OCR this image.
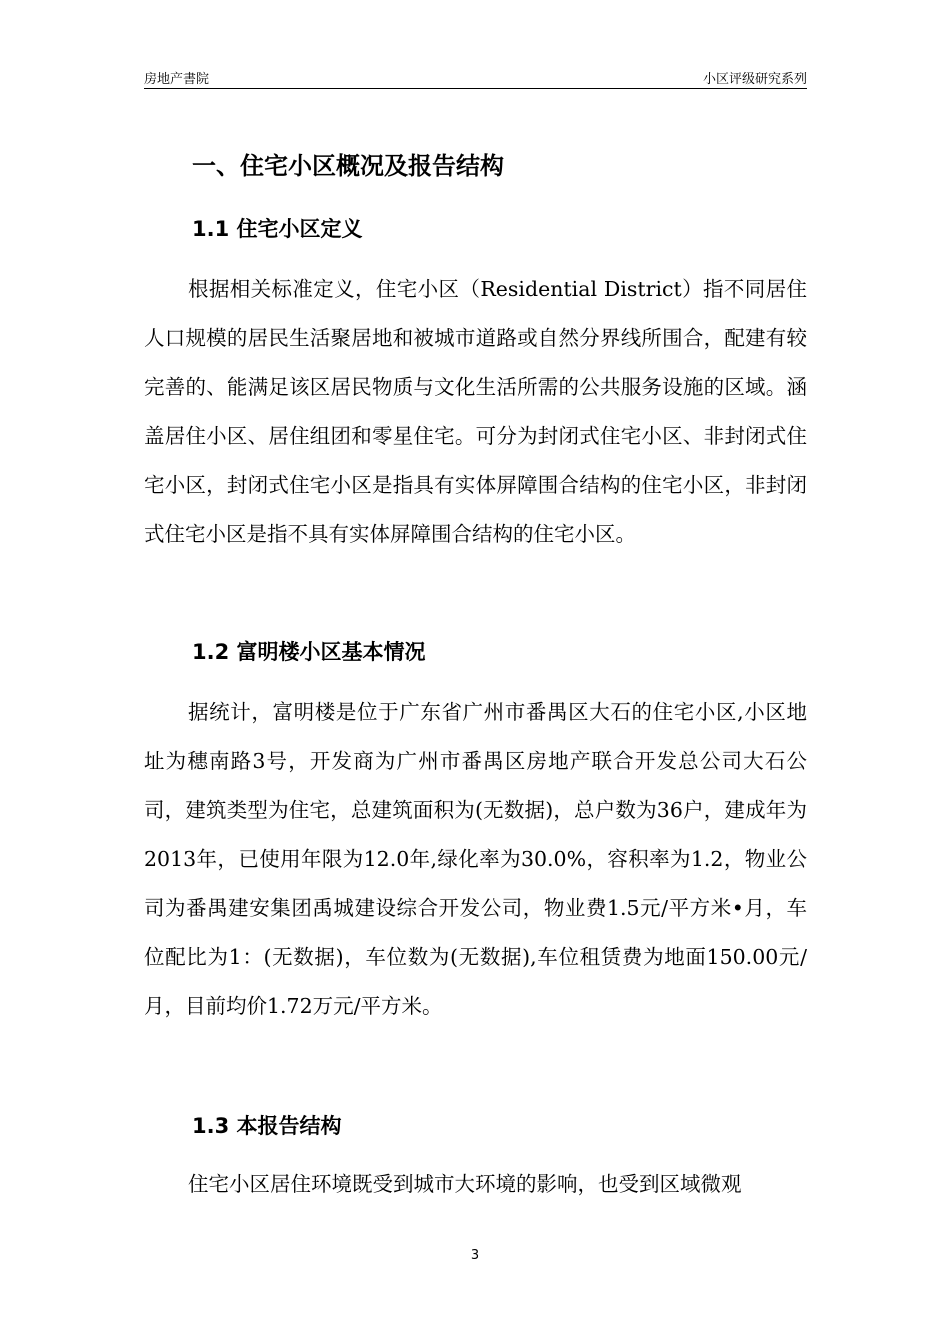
房地产書院	小区评级研究系列
一、住宅小区概况及报告结构
1.1 住宅小区定义
根据相关标准定义，住宅小区（Residential District）指不同居住人口规模的居民生活聚居地和被城市道路或自然分界线所围合，配建有较完善的、能满足该区居民物质与文化生活所需的公共服务设施的区域。涵盖居住小区、居住组团和零星住宅。可分为封闭式住宅小区、非封闭式住宅小区，封闭式住宅小区是指具有实体屏障围合结构的住宅小区，非封闭式住宅小区是指不具有实体屏障围合结构的住宅小区。
1.2 富明楼小区基本情况
据统计，富明楼是位于广东省广州市番禺区大石的住宅小区,小区地址为穗南路3号，开发商为广州市番禺区房地产联合开发总公司大石公司，建筑类型为住宅，总建筑面积为(无数据)，总户数为36户，建成年为2013年，已使用年限为12.0年,绿化率为30.0%，容积率为1.2，物业公司为番禺建安集团禹城建设综合开发公司，物业费1.5元/平方米•月，车位配比为1：(无数据)，车位数为(无数据),车位租赁费为地面150.00元/月，目前均价1.72万元/平方米。
1.3 本报告结构
住宅小区居住环境既受到城市大环境的影响，也受到区域微观
3
